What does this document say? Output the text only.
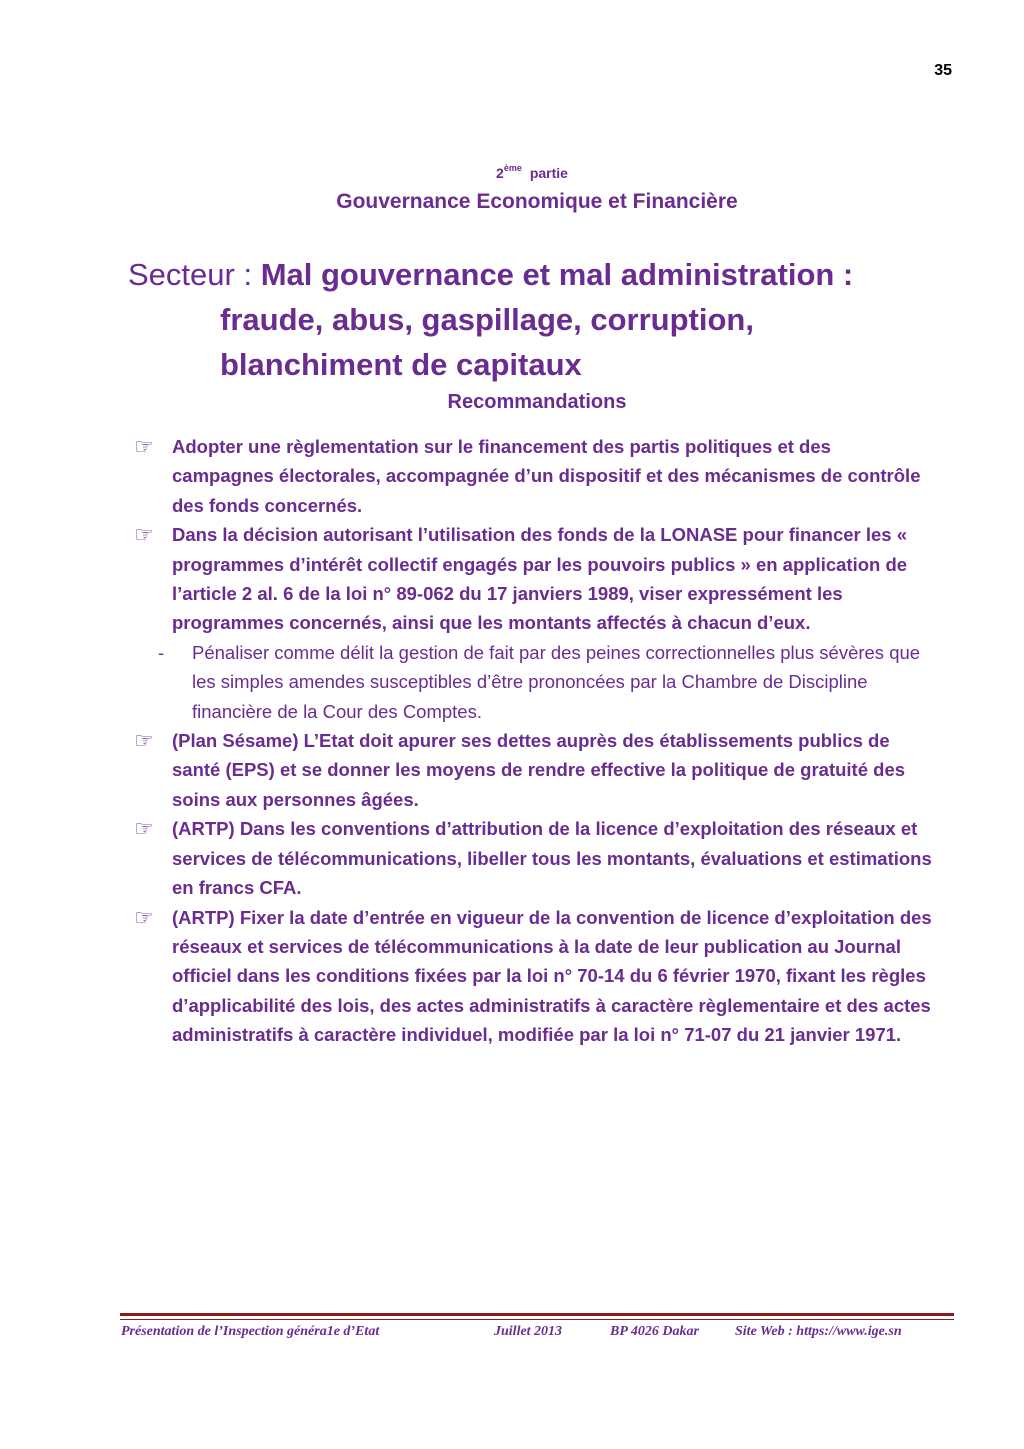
35
2ème partie
Gouvernance Economique et Financière
Secteur : Mal gouvernance et mal administration :
fraude, abus, gaspillage, corruption,
blanchiment de capitaux
Recommandations
☞ Adopter une règlementation sur le financement des partis politiques et des campagnes électorales, accompagnée d’un dispositif et des mécanismes de contrôle des fonds concernés.
☞ Dans la décision autorisant l’utilisation des fonds de la LONASE pour financer les « programmes d’intérêt collectif engagés par les pouvoirs publics » en application de l’article 2 al. 6 de la loi n° 89-062 du 17 janviers 1989, viser expressément les programmes concernés, ainsi que les montants affectés à chacun d’eux.
- Pénaliser comme délit la gestion de fait par des peines correctionnelles plus sévères que les simples amendes susceptibles d’être prononcées par la Chambre de Discipline financière de la Cour des Comptes.
☞ (Plan Sésame) L’Etat doit apurer ses dettes auprès des établissements publics de santé (EPS) et se donner les moyens de rendre effective la politique de gratuité des soins aux personnes âgées.
☞ (ARTP) Dans les conventions d’attribution de la licence d’exploitation des réseaux et services de télécommunications, libeller tous les montants, évaluations et estimations en francs CFA.
☞ (ARTP) Fixer la date d’entrée en vigueur de la convention de licence d’exploitation des réseaux et services de télécommunications à la date de leur publication au Journal officiel dans les conditions fixées par la loi n° 70-14 du 6 février 1970, fixant les règles d’applicabilité des lois, des actes administratifs à caractère règlementaire et des actes administratifs à caractère individuel, modifiée par la loi n° 71-07 du 21 janvier 1971.
Présentation de l’Inspection généra1e d’Etat	Juillet 2013	BP 4026 Dakar	Site Web : https://www.ige.sn
